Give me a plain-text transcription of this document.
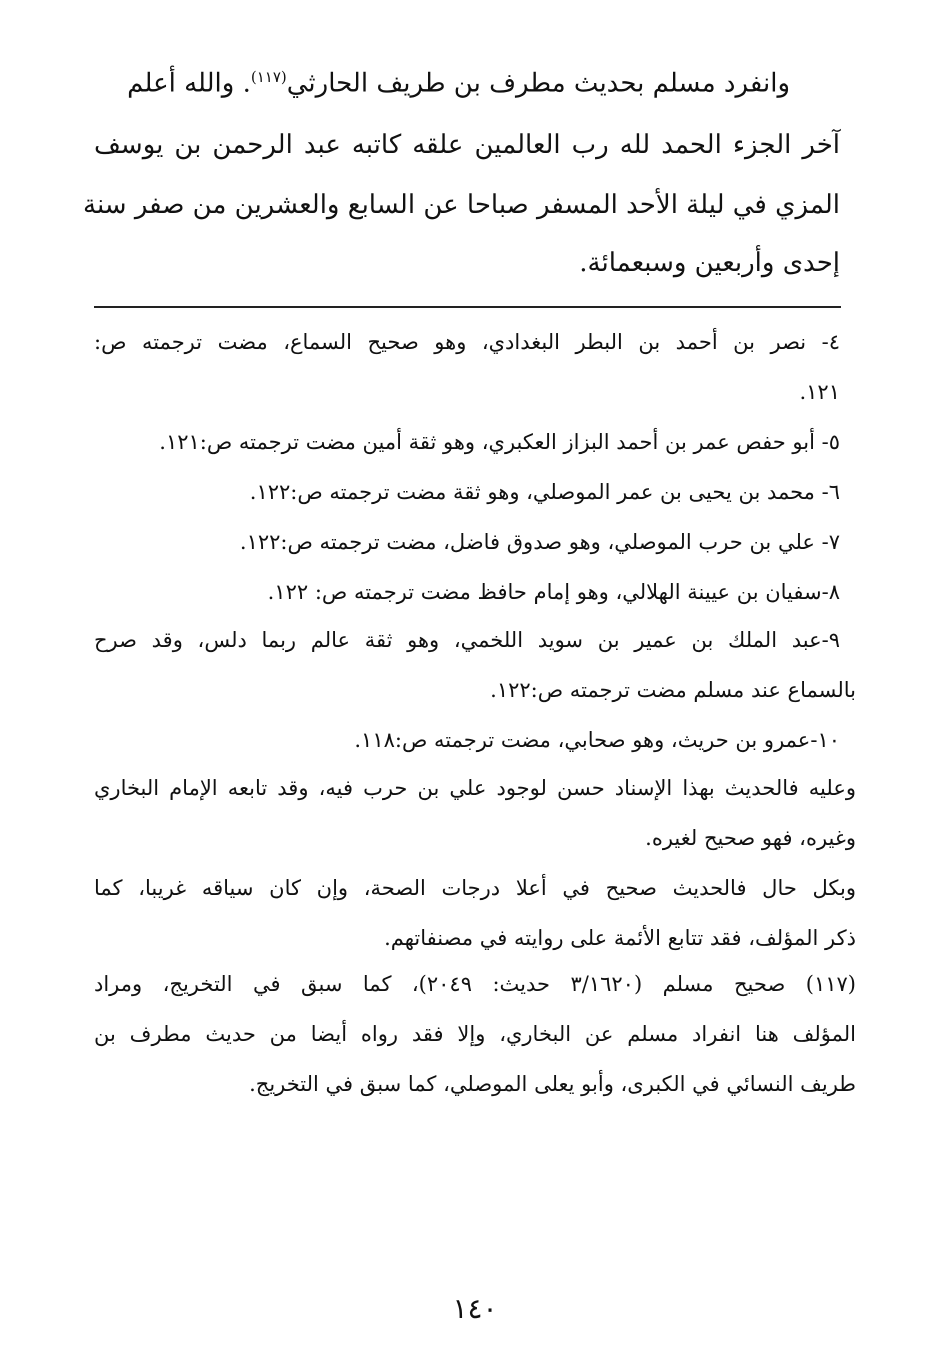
وانفرد مسلم بحديث مطرف بن طريف الحارثي$^{(١١٧)}$. والله أعلم
آخر الجزء الحمد لله رب العالمين علقه كاتبه عبد الرحمن بن يوسف
المزي في ليلة الأحد المسفر صباحا عن السابع والعشرين من صفر سنة
إحدى وأربعين وسبعمائة.
٤- نصر بن أحمد بن البطر البغدادي، وهو صحيح السماع، مضت ترجمته ص:
١٢١.
٥- أبو حفص عمر بن أحمد البزاز العكبري، وهو ثقة أمين مضت ترجمته ص:١٢١.
٦- محمد بن يحيى بن عمر الموصلي، وهو ثقة مضت ترجمته ص:١٢٢.
٧- علي بن حرب الموصلي، وهو صدوق فاضل، مضت ترجمته ص:١٢٢.
٨-سفيان بن عيينة الهلالي، وهو إمام حافظ مضت ترجمته ص: ١٢٢.
٩-عبد الملك بن عمير بن سويد اللخمي، وهو ثقة عالم ربما دلس، وقد صرح
بالسماع عند مسلم مضت ترجمته ص:١٢٢.
١٠-عمرو بن حريث، وهو صحابي، مضت ترجمته ص:١١٨.
وعليه فالحديث بهذا الإسناد حسن لوجود علي بن حرب فيه، وقد تابعه الإمام البخاري
وغيره، فهو صحيح لغيره.
وبكل حال فالحديث صحيح في أعلا درجات الصحة، وإن كان سياقه غريبا، كما
ذكر المؤلف، فقد تتابع الأئمة على روايته في مصنفاتهم.
(١١٧) صحيح مسلم (٣/١٦٢٠ حديث: ٢٠٤٩)، كما سبق في التخريج، ومراد
المؤلف هنا انفراد مسلم عن البخاري، وإلا فقد رواه أيضا من حديث مطرف بن
طريف النسائي في الكبرى، وأبو يعلى الموصلي، كما سبق في التخريج.
١٤٠
